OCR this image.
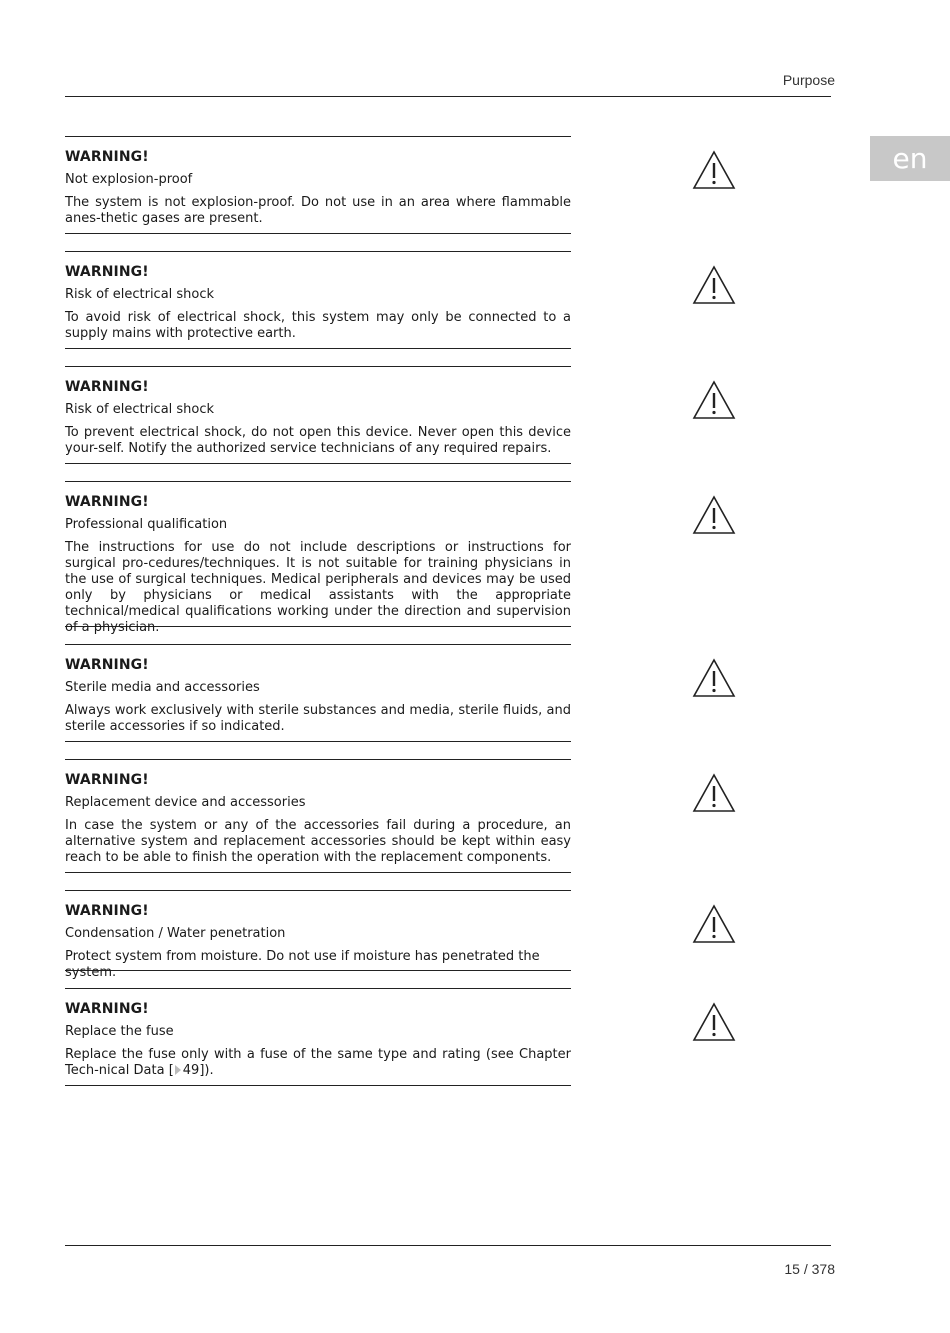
Purpose
en
WARNING!
Not explosion-proof
The system is not explosion-proof. Do not use in an area where flammable anes-thetic gases are present.
WARNING!
Risk of electrical shock
To avoid risk of electrical shock, this system may only be connected to a supply mains with protective earth.
WARNING!
Risk of electrical shock
To prevent electrical shock, do not open this device. Never open this device your-self. Notify the authorized service technicians of any required repairs.
WARNING!
Professional qualification
The instructions for use do not include descriptions or instructions for surgical pro-cedures/techniques. It is not suitable for training physicians in the use of surgical techniques. Medical peripherals and devices may be used only by physicians or medical assistants with the appropriate technical/medical qualifications working under the direction and supervision of a physician.
WARNING!
Sterile media and accessories
Always work exclusively with sterile substances and media, sterile fluids, and sterile accessories if so indicated.
WARNING!
Replacement device and accessories
In case the system or any of the accessories fail during a procedure, an alternative system and replacement accessories should be kept within easy reach to be able to finish the operation with the replacement components.
WARNING!
Condensation / Water penetration
Protect system from moisture. Do not use if moisture has penetrated the system.
WARNING!
Replace the fuse
Replace the fuse only with a fuse of the same type and rating (see Chapter Tech-nical Data [ 49]).
15 / 378
